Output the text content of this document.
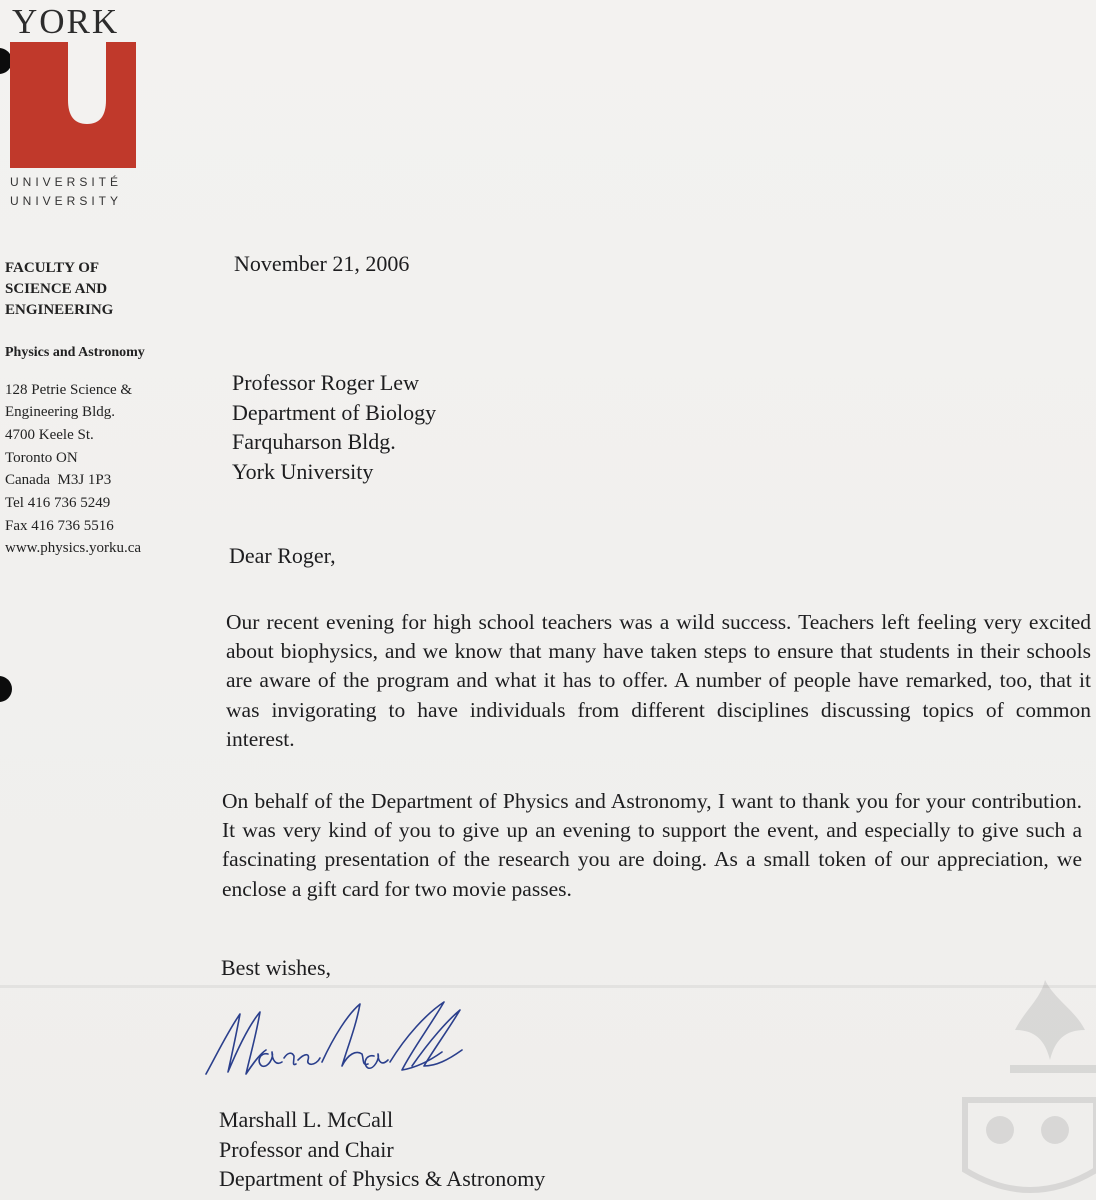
YORK
UNIVERSITÉ
UNIVERSITY
FACULTY OF
SCIENCE AND
ENGINEERING
Physics and Astronomy
128 Petrie Science &
Engineering Bldg.
4700 Keele St.
Toronto ON
Canada  M3J 1P3
Tel 416 736 5249
Fax 416 736 5516
www.physics.yorku.ca
November 21, 2006
Professor Roger Lew
Department of Biology
Farquharson Bldg.
York University
Dear Roger,

Our recent evening for high school teachers was a wild success. Teachers left feeling very excited about biophysics, and we know that many have taken steps to ensure that students in their schools are aware of the program and what it has to offer. A number of people have remarked, too, that it was invigorating to have individuals from different disciplines discussing topics of common interest.

On behalf of the Department of Physics and Astronomy, I want to thank you for your contribution. It was very kind of you to give up an evening to support the event, and especially to give such a fascinating presentation of the research you are doing. As a small token of our appreciation, we enclose a gift card for two movie passes.

Best wishes,
Marshall L. McCall
Professor and Chair
Department of Physics & Astronomy
